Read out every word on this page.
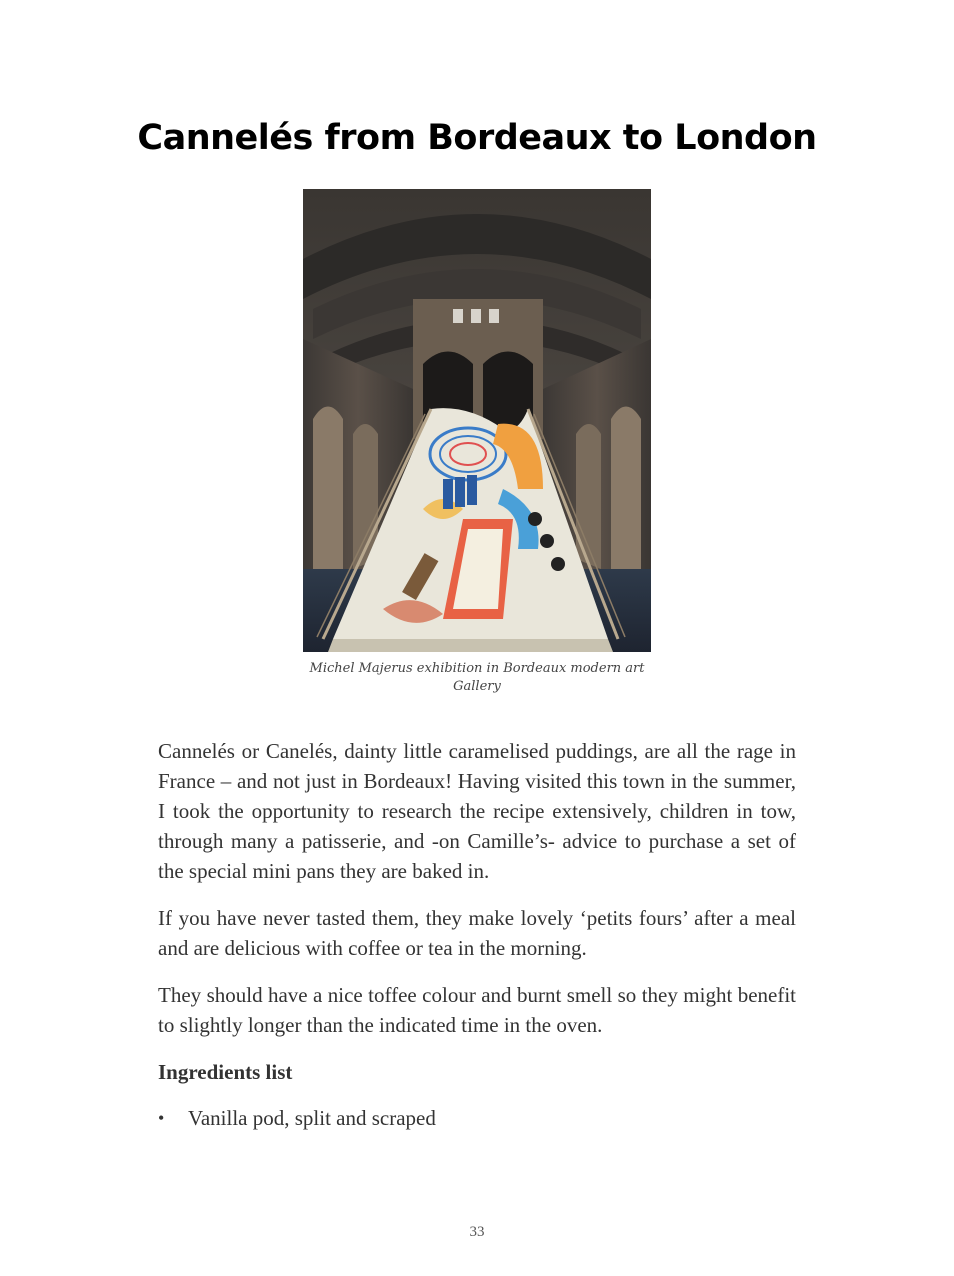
Cannelés from Bordeaux to London
Michel Majerus exhibition in Bordeaux modern art
Gallery

Cannelés or Canelés, dainty little caramelised puddings, are all the rage in France – and not just in Bordeaux! Having visited this town in the summer, I took the opportunity to research the recipe extensively, children in tow, through many a patisserie, and -on Camille’s- advice to purchase a set of the special mini pans they are baked in.

If you have never tasted them, they make lovely ‘petits fours’ after a meal and are delicious with coffee or tea in the morning.

They should have a nice toffee colour and burnt smell so they might benefit to slightly longer than the indicated time in the oven.

Ingredients list
• Vanilla pod, split and scraped
33
